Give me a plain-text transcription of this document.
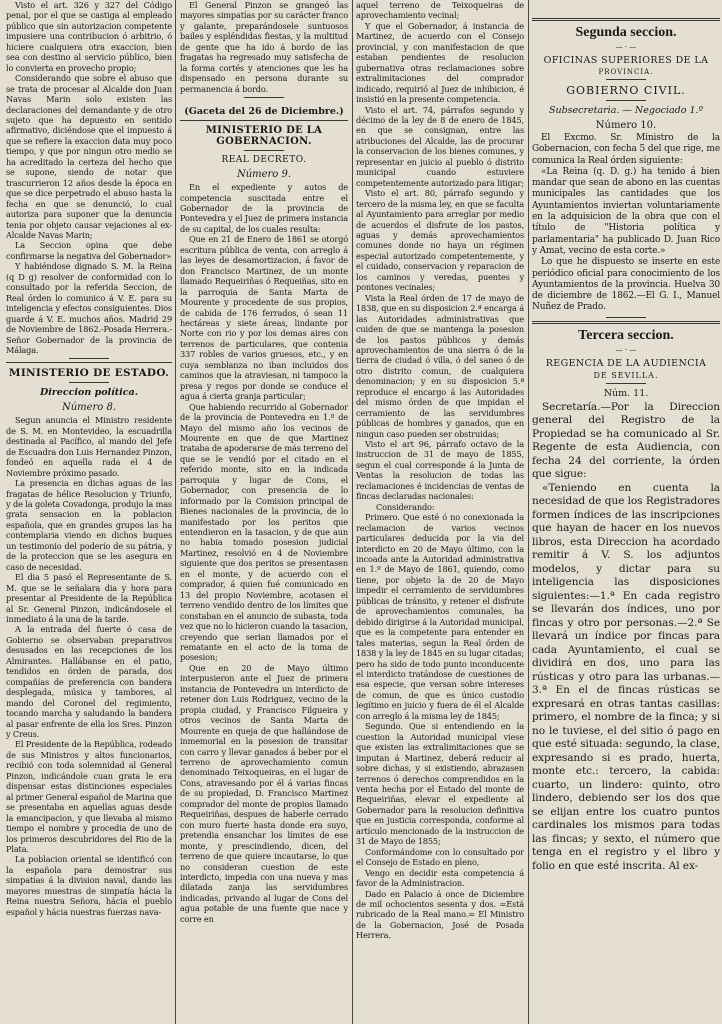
Visto el art. 326 y 327 del Código penal, por el que se castiga al empleado público que sin autorizacion competente impusiere una contribucion ó arbitrio, ó hiciere cualquiera otra exaccion, bien sea con destino al servicio público, bien lo convierta en provecho propio;

Considerando que sobre el abuso que se trata de procesar al Alcalde don Juan Navas Marin solo existen las declaraciones del demandante y de otro sujeto que ha depuesto en sentido afirmativo, diciéndose que el impuesto á que se refiere la exaccion data muy poco tiempo, y que por ningun otro medio se ha acreditado la certeza del hecho que se supone, siendo de notar que trascurrieron 12 años desde la época en que se dice perpetrado el abuso hasta la fecha en que se denunció, lo cual autoriza para suponer que la denuncia tenia por objeto causar vejaciones al ex-Alcalde Navas Marin;

La Seccion opina que debe confirmarse la negativa del Gobernador»

Y habiéndose dignado S. M. la Reina (q D g) resolver de conformidad con lo consultado por la referida Seccion, de Real órden lo comunico á V. E. para su inteligencia y efectos consiguientes. Dios guarde á V. E. muchos años. Madrid 29 de Noviembre de 1862.-Posada Herrera.-Señor Gobernador de la provincia de Málaga.

MINISTERIO DE ESTADO.
Direccion política.
Número 8.

Segun anuncia el Ministro residente de S. M. en Montevideo, la escuadrilla destinada al Pacífico, al mando del Jefe de Escuadra don Luis Hernandez Pinzon, fondeó en aquella rada el 4 de Noviembre próximo pasado.

La presencia en dichas aguas de las fragatas de hélice Resolucion y Triunfo, y de la goleta Covadonga, produjo la mas grata sensacion en la poblacion española, que en grandes grupos las ha contemplaria viendo en dichos buques un testimonio del poderío de su pátria, y de la proteccion que se les asegura en caso de necesidad.

El dia 5 pasó el Representante de S. M. que se le señalara dia y hora para presentar al Presidente de la República al Sr. General Pinzon, indicándosele el inmediato á la una de la tarde.

A la entrada del fuerte ó casa de Gobierno se observaban preparativos desusados en las recepciones de los Almirantes. Hallábanse en el patio, tendidos en órden de parada, dos compañías de preferencia con bandera desplegada, música y tambores, al mando del Coronel del regimiento, tocando marcha y saludando la bandera al pasar enfrente de ella los Sres. Pinzon y Creus.

El Presidente de la República, rodeado de sus Ministros y altos funcionarios, recibió con toda solemnidad al General Pinzon, indicándole cuan grata le era dispensar estas distinciones especiales al primer General español de Marina que se presentaba en aquellas aguas desde la emancipacion, y que llevaba al mismo tiempo el nombre y procedia de uno de los primeros descubridores del Rio de la Plata.

La poblacion oriental se identificó con la española para demostrar sus simpatías á la division naval, dando las mayores muestras de simpatía hácia la Reina nuestra Señora, hácia el pueblo español y hácia nuestras fuerzas nava-

El General Pinzon se grangeó las mayores simpatías por su carácter franco y galante, preparándosele suntuosos bailes y espléndidas fiestas, y la multitud de gente que ha ido á bordo de las fragatas ha regresado muy satisfecha de la forma cortés y atenciones que les ha dispensado en persona durante su permanencia á bordo.

(Gaceta del 26 de Diciembre.)
MINISTERIO DE LA GOBERNACION.
REAL DECRETO.
Número 9.

En el expediente y autos de competencia suscitada entre el Gobernador de la provincia de Pontevedra y el Juez de primera instancia de su capital, de los cuales resulta:

Que en 21 de Enero de 1861 se otorgó escritura pública de venta, con arreglo á las leyes de desamortizacion, á favor de don Francisco Martinez, de un monte llamado Requeiriñas ó Requeiñas, sito en la parroquia de Santa Marta de Mourente y procedente de sus propios, de cabida de 176 ferrados, ó sean 11 hectáreas y siete áreas, lindante por Norte con rio y por los demas aires con terrenos de particulares, que contenia 337 robles de varios gruesos, etc., y en cuya semblanza no iban incluidos dos caminos que la atraviesan, ni tampoco la presa y regos por donde se conduce el agua á cierta granja particular;

Que habiendo recurrido al Gobernador de la provincia de Pontevedra en 1.º de Mayo del mismo año los vecinos de Mourente en que de que Martinez trataba de apoderarse de más terreno del que se le vendió por el citado en el referido monte, sito en la indicada parroquia y lugar de Cons, el Gobernador, con presencia de lo informado por la Comision principal de Bienes nacionales de la provincia, de lo manifestado por los peritos que entendieron en la tasacion, y de que aun no habia tomado posesion judicial Martinez, resolvió en 4 de Noviembre siguiente que dos peritos se presentasen en el monte, y de acuerdo con el comprador, á quien fué comunicado en 13 del propio Noviembre, acotasen el terreno vendido dentro de los límites que constaban en el anuncio de subasta, toda vez que no lo hicieron cuando la tasacion, creyendo que serian llamados por el rematante en el acto de la toma de posesion;

Que en 20 de Mayo último interpusieron ante el Juez de primera instancia de Pontevedra un interdicto de retener don Luis Rodriguez, vecino de la propia ciudad, y Francisco Filgueira y otros vecinos de Santa Marta de Mourente en queja de que hallándose de inmemorial en la posesion de transitar con carro y llevar ganados á beber por el terreno de aprovechamiento comun denominado Teixoqueiras, en el lugar de Cons, atravesando por él á varias fincas de su propiedad, D. Francisco Martinez comprador del monte de propios llamado Requeiriñas, despues de haberle cerrado con muro fuerte hasta donde era suyo, pretendia ensanchar los límites de ese monte, y prescindiendo, dicen, del terreno de que quiere incautarse, lo que no consideran cuestion de este interdicto, impedia con una nueva y mas dilatada zanja las servidumbres indicadas, privando al lugar de Cons del agua potable de una fuente que nace y corre en

aquel terreno de Teixoqueiras de aprovechamiento vecinal;

Y que el Gobernador, á instancia de Martinez, de acuerdo con el Consejo provincial, y con manifestacion de que estaban pendientes de resolucion gubernativa otras reclamaciones sobre extralimitaciones del comprador indicado, requirió al Juez de inhibicion, é insistió en la presente competencia.

Visto el art. 74, párrafos segundo y décimo de la ley de 8 de enero de 1845, en que se consignan, entre las atribuciones del Alcalde, las de procurar la conservacion de los bienes comunes, y representar en juicio al pueblo ó distrito municipal cuando estuviere competentemente autorizado para litigar;

Visto el art. 80, párrafo segundo y tercero de la misma ley, en que se faculta al Ayuntamiento para arreglar por medio de acuerdos el disfrute de los pastos, aguas y demás aprovechamientos comunes donde no haya un régimen especial autorizado competentemente, y el cuidado, conservacion y reparacion de los caminos y veredas, puentes y pontones vecinales;

Vista la Real órden de 17 de mayo de 1838, que en su disposicion 2.ª encarga á las Autoridades administrativas que cuiden de que se mantenga la posesion de los pastos públicos y demás aprovechamientos de una sierra ó de la tierra de ciudad ó villa, ó del saneo ó de otro distrito comun, de cualquiera denominacion; y en su disposicion 5.ª reproduce el encargo á las Autoridades del mismo órden de que impidan el cerramiento de las servidumbres públicas de hombres y ganados, que en ningun caso pueden ser obstruidas;

Visto el art 96, párrafo octavo de la instruccion de 31 de mayo de 1855, segun el cual corresponde á la Junta de Ventas la resolucion de todas las reclamaciones é incidencias de ventas de fincas declaradas nacionales:

Considerando:

Primero. Que esté ó no conexionada la reclamacion de varios vecinos particulares deducida por la via del interdicto en 20 de Mayo último, con la incoada ante la Autoridad administrativa en 1.º de Mayo de 1861, quiendo, como tiene, por objeto la de 20 de Mayo impedir el cerramiento de servidumbres públicas de tránsito, y retener el disfrute de aprovechamientos comunales, ha debido dirigirse á la Autoridad municipal, que es la competente para entender en tales materias, segun la Real órden de 1838 y la ley de 1845 en su lugar citadas; pero ha sido de todo punto inconducente el interdicto tratándose de cuestiones de esa especie, que versan sobre intereses de comun, de que es único custodio legítimo en juicio y fuera de él el Alcalde con arreglo á la misma ley de 1845;

Segundo. Que si entendiendo en la cuestion la Autoridad municipal viese que existen las extralimitaciones que se imputan á Martinez, deberá reducir al sobre dichas, y si existiendo, abrazasen terrenos ó derechos comprendidos en la venta hecha por el Estado del monte de Requeiriñas, elevar el expediente al Gobernador para la resolucion definitiva que en justicia corresponda, conforme al artículo mencionado de la instruccion de 31 de Mayo de 1855;

Conformándome con lo consultado por el Consejo de Estado en pleno,

Vengo en decidir esta competencia á favor de la Administracion.

Dado en Palacio á once de Diciembre de mil ochocientos sesenta y dos. =Está rubricado de la Real mano.= El Ministro de la Gobernacion, José de Posada Herrera.

Segunda seccion.
— · —
OFICINAS SUPERIORES DE LA
PROVINCIA.
GOBIERNO CIVIL.
Subsecretaria. — Negociado 1.º
Número 10.

El Excmo. Sr. Ministro de la Gobernacion, con fecha 5 del que rige, me comunica la Real órden siguiente:

«La Reina (q. D. g.) ha tenido á bien mandar que sean de abono en las cuentas municipales las cantidades que los Ayuntamientos inviertan voluntariamente en la adquisicion de la obra que con el título de "Historia política y parlamentaria" ha publicado D. Juan Rico y Amat, vecino de esta corte.»

Lo que he dispuesto se inserte en este periódico oficial para conocimiento de los Ayuntamientos de la provincia. Huelva 30 de diciembre de 1862.—El G. I., Manuel Nuñez de Prado.

Tercera seccion.
— · —
REGENCIA DE LA AUDIENCIA
DE SEVILLA.
Núm. 11.

Secretaría.—Por la Direccion general del Registro de la Propiedad se ha comunicado al Sr. Regente de esta Audiencia, con fecha 24 del corriente, la órden que sigue:

«Teniendo en cuenta la necesidad de que los Registradores formen índices de las inscripciones que hayan de hacer en los nuevos libros, esta Direccion ha acordado remitir á V. S. los adjuntos modelos, y dictar para su inteligencia las disposiciones siguientes:—1.ª En cada registro se llevarán dos índices, uno por fincas y otro por personas.—2.ª Se llevará un índice por fincas para cada Ayuntamiento, el cual se dividirá en dos, uno para las rústicas y otro para las urbanas.—3.ª En el de fincas rústicas se expresará en otras tantas casillas: primero, el nombre de la finca; y si no le tuviese, el del sitio ó pago en que esté situada: segundo, la clase, expresando si es prado, huerta, monte etc.: tercero, la cabida: cuarto, un lindero: quinto, otro lindero, debiendo ser los dos que se elijan entre los cuatro puntos cardinales los mismos para todas las fincas; y sexto, el número que tenga en el registro y el libro y folio en que esté inscrita. Al ex-
